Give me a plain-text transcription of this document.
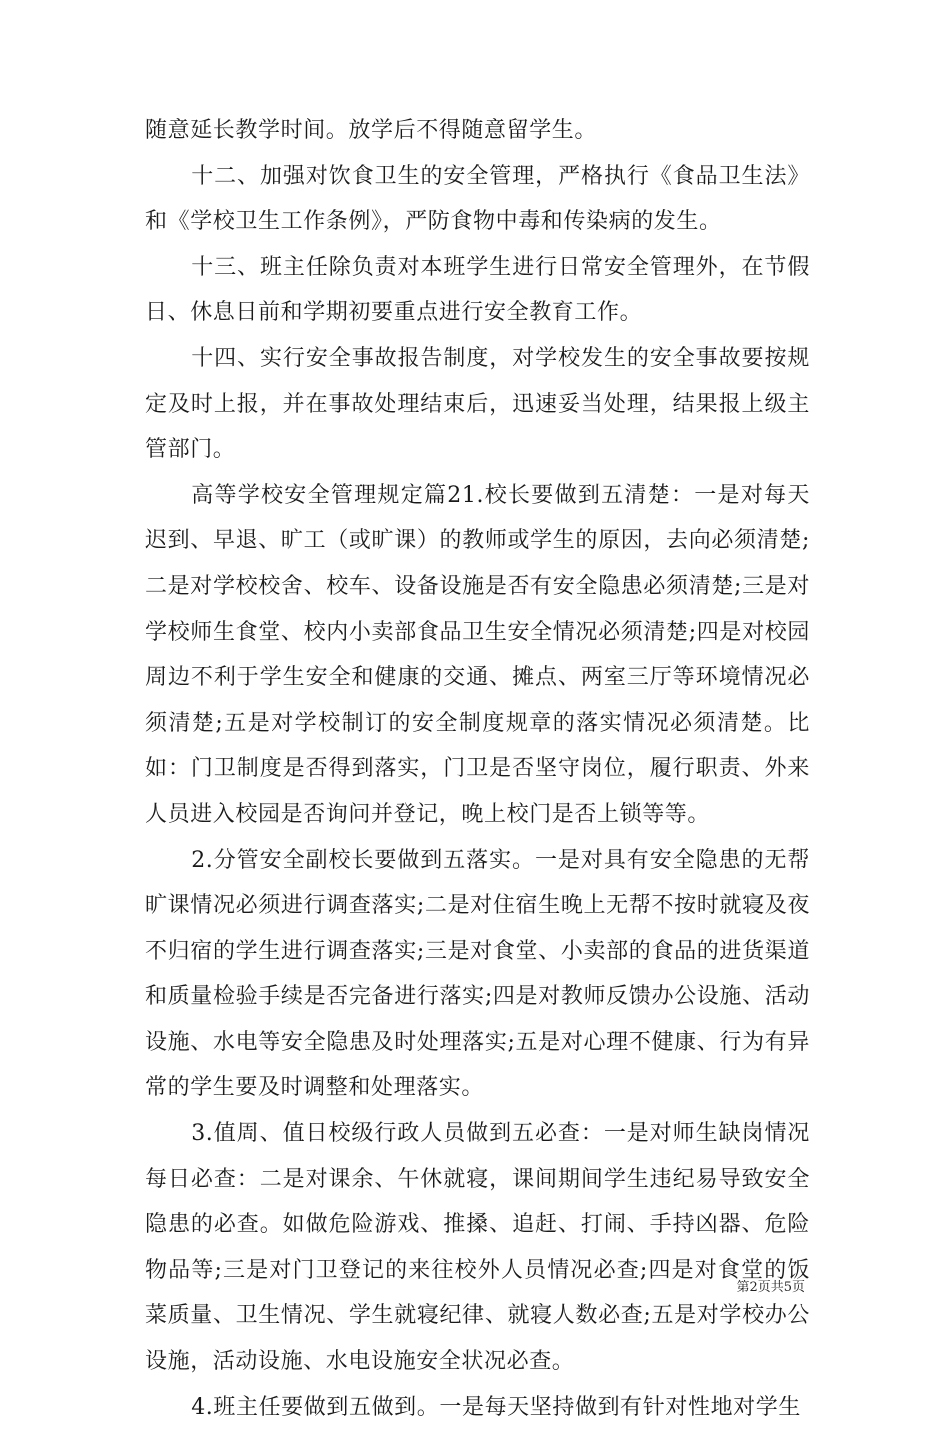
随意延长教学时间。放学后不得随意留学生。

十二、加强对饮食卫生的安全管理，严格执行《食品卫生法》和《学校卫生工作条例》，严防食物中毒和传染病的发生。

十三、班主任除负责对本班学生进行日常安全管理外，在节假日、休息日前和学期初要重点进行安全教育工作。

十四、实行安全事故报告制度，对学校发生的安全事故要按规定及时上报，并在事故处理结束后，迅速妥当处理，结果报上级主管部门。

高等学校安全管理规定篇21.校长要做到五清楚：一是对每天迟到、早退、旷工（或旷课）的教师或学生的原因，去向必须清楚;二是对学校校舍、校车、设备设施是否有安全隐患必须清楚;三是对学校师生食堂、校内小卖部食品卫生安全情况必须清楚;四是对校园周边不利于学生安全和健康的交通、摊点、两室三厅等环境情况必须清楚;五是对学校制订的安全制度规章的落实情况必须清楚。比如：门卫制度是否得到落实，门卫是否坚守岗位，履行职责、外来人员进入校园是否询问并登记，晚上校门是否上锁等等。

2.分管安全副校长要做到五落实。一是对具有安全隐患的无帮旷课情况必须进行调查落实;二是对住宿生晚上无帮不按时就寝及夜不归宿的学生进行调查落实;三是对食堂、小卖部的食品的进货渠道和质量检验手续是否完备进行落实;四是对教师反馈办公设施、活动设施、水电等安全隐患及时处理落实;五是对心理不健康、行为有异常的学生要及时调整和处理落实。

3.值周、值日校级行政人员做到五必查：一是对师生缺岗情况每日必查：二是对课余、午休就寝，课间期间学生违纪易导致安全隐患的必查。如做危险游戏、推搡、追赶、打闹、手持凶器、危险物品等;三是对门卫登记的来往校外人员情况必查;四是对食堂的饭菜质量、卫生情况、学生就寝纪律、就寝人数必查;五是对学校办公设施，活动设施、水电设施安全状况必查。

4.班主任要做到五做到。一是每天坚持做到有针对性地对学生

第2页共5页
